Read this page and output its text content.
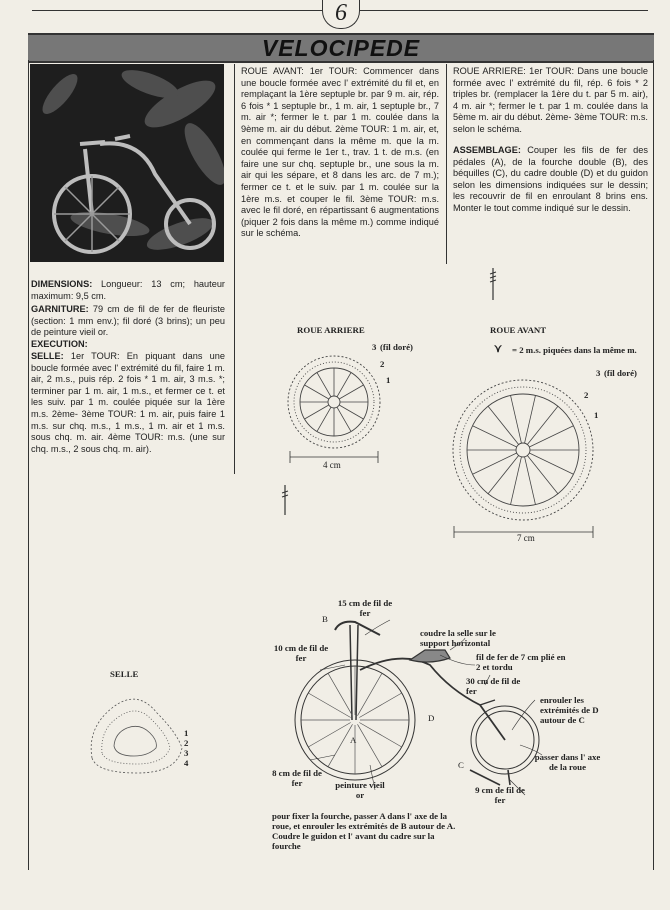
6
VELOCIPEDE
DIMENSIONS: Longueur: 13 cm; hauteur maximum: 9,5 cm.
GARNITURE: 79 cm de fil de fer de fleuriste (section: 1 mm env.); fil doré (3 brins); un peu de peinture vieil or.
EXECUTION:
SELLE: 1er TOUR: En piquant dans une boucle formée avec l' extrémité du fil, faire 1 m. air, 2 m.s., puis rép. 2 fois * 1 m. air, 3 m.s. *; terminer par 1 m. air, 1 m.s., et fermer ce t. et les suiv. par 1 m. coulée piquée sur la 1ère m.s. 2ème- 3ème TOUR: 1 m. air, puis faire 1 m.s. sur chq. m.s., 1 m.s., 1 m. air et 1 m.s. sous chq. m. air. 4ème TOUR: m.s. (une sur chq. m.s., 2 sous chq. m. air).
ROUE AVANT: 1er TOUR: Commencer dans une boucle formée avec l' extrémité du fil et, en remplaçant la 1ère septuple br. par 9 m. air, rép. 6 fois * 1 septuple br., 1 m. air, 1 septuple br., 7 m. air *; fermer le t. par 1 m. coulée dans la 9ème m. air du début. 2ème TOUR: 1 m. air, et, en commençant dans la même m. que la m. coulée qui ferme le 1er t., trav. 1 t. de m.s. (en faire une sur chq. septuple br., une sous la m. air qui les sépare, et 8 dans les arc. de 7 m.); fermer ce t. et le suiv. par 1 m. coulée sur la 1ère m.s. et couper le fil. 3ème TOUR: m.s. avec le fil doré, en répartissant 6 augmentations (piquer 2 fois dans la même m.) comme indiqué sur le schéma.
ROUE ARRIERE: 1er TOUR: Dans une boucle formée avec l' extrémité du fil, rép. 6 fois * 2 triples br. (remplacer la 1ère du t. par 5 m. air), 4 m. air *; fermer le t. par 1 m. coulée dans la 5ème m. air du début. 2ème- 3ème TOUR: m.s. selon le schéma.
ASSEMBLAGE: Couper les fils de fer des pédales (A), de la fourche double (B), des béquilles (C), du cadre double (D) et du guidon selon les dimensions indiquées sur le dessin; les recouvrir de fil en enroulant 8 brins ens. Monter le tout comme indiqué sur le dessin.
ROUE ARRIERE
3 (fil doré)
2
1
4 cm
ROUE AVANT
⋎ = 2 m.s. piquées dans la même m.
3 (fil doré)
2
1
7 cm
SELLE
1
2
3
4
15 cm de fil de fer
B
10 cm de fil de fer
coudre la selle sur le support horizontal
fil de fer de 7 cm plié en 2 et tordu
30 cm de fil de fer
enrouler les extrémités de D autour de C
D
A
C
8 cm de fil de fer	peinture vieil or
passer dans l' axe de la roue
9 cm de fil de fer
pour fixer la fourche, passer A dans l' axe de la roue, et enrouler les extrémités de B autour de A. Coudre le guidon et l' avant du cadre sur la fourche
